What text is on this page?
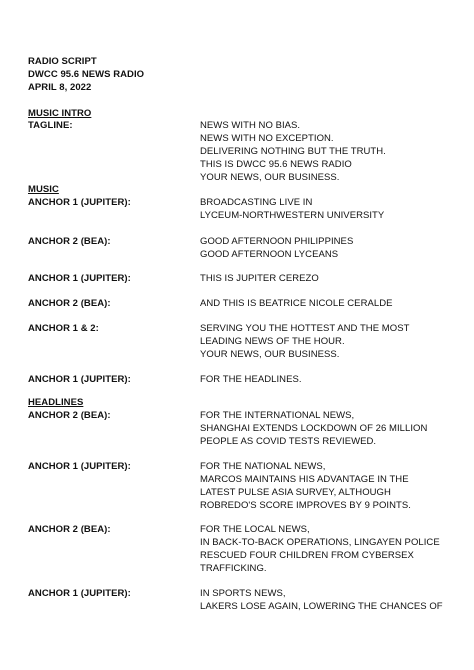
RADIO SCRIPT
DWCC 95.6 NEWS RADIO
APRIL 8, 2022
MUSIC INTRO
TAGLINE:	NEWS WITH NO BIAS.
NEWS WITH NO EXCEPTION.
DELIVERING NOTHING BUT THE TRUTH.
THIS IS DWCC 95.6 NEWS RADIO
YOUR NEWS, OUR BUSINESS.
MUSIC
ANCHOR 1 (JUPITER):	BROADCASTING LIVE IN
LYCEUM-NORTHWESTERN UNIVERSITY
ANCHOR 2 (BEA):	GOOD AFTERNOON PHILIPPINES
GOOD AFTERNOON LYCEANS
ANCHOR 1 (JUPITER):	THIS IS JUPITER CEREZO
ANCHOR 2 (BEA):	AND THIS IS BEATRICE NICOLE CERALDE
ANCHOR 1 & 2:	SERVING YOU THE HOTTEST AND THE MOST
LEADING NEWS OF THE HOUR.
YOUR NEWS, OUR BUSINESS.
ANCHOR 1 (JUPITER):	FOR THE HEADLINES.
HEADLINES
ANCHOR 2 (BEA):	FOR THE INTERNATIONAL NEWS,
SHANGHAI EXTENDS LOCKDOWN OF 26 MILLION
PEOPLE AS COVID TESTS REVIEWED.
ANCHOR 1 (JUPITER):	FOR THE NATIONAL NEWS,
MARCOS MAINTAINS HIS ADVANTAGE IN THE
LATEST PULSE ASIA SURVEY, ALTHOUGH
ROBREDO'S SCORE IMPROVES BY 9 POINTS.
ANCHOR 2 (BEA):	FOR THE LOCAL NEWS,
IN BACK-TO-BACK OPERATIONS, LINGAYEN POLICE
RESCUED FOUR CHILDREN FROM CYBERSEX
TRAFFICKING.
ANCHOR 1 (JUPITER):	IN SPORTS NEWS,
LAKERS LOSE AGAIN, LOWERING THE CHANCES OF
